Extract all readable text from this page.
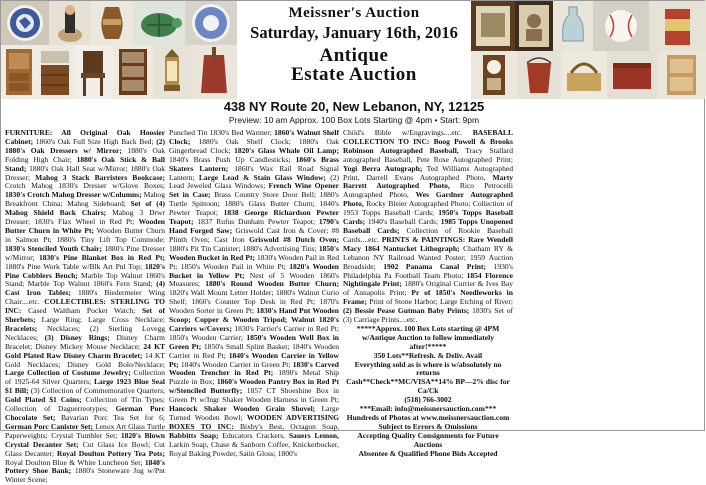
Meissner's Auction
Saturday, January 16th, 2016
Antique
Estate Auction
438 NY Route 20, New Lebanon, NY, 12125
Preview: 10 am Approx. 100 Box Lots Starting @ 4pm • Start: 9pm
FURNITURE: All Original Oak Hoosier Cabinet; 1860's Oak Full Size High Back Bed; (2) 1880's Oak Dressers w/ Mirror; 1880's Oak Folding High Chair; 1880's Oak Stick & Ball Stand; 1880's Oak Hall Seat w/Mirror; 1880's Oak Dresser; Mahog 3 Stack Barristers Bookcase; Crotch Mahog 1830's Dresser w/Glove Boxes; 1830's Crotch Mahog Dresser w/Columns; Mahog Breakfront China; Mahog Sideboard; Set of (4) Mahog Shield Back Chairs; Mahog 3 Drwr Dresser; 1830's Flax Wheel in Red Pt; Wooden Butter Churn in White Pt; Wooden Butter Churn in Salmon Pt; 1880's Tiny Lift Top Commode; 1830's Stenciled Youth Chair; 1880's Pine Dresser w/Mirror; 1830's Pine Blanket Box in Red Pt; 1880's Pine Work Table w/Blk Art Pnl Top; 1820's Pine Cobblers Bench; Marble Top Walnut 1860's Stand; Marble Top Walnut 1860's Fern Stand; (4) Cast Iron Tables; 1880's Biedermeier Wing Chair....etc. COLLECTIBLES: STERLING TO INC: Cased Waltham Pocket Watch; Set of Sherbets; Large Ring; Large Cross Necklace; Bracelets; Necklaces; (2) Sterling Lovegg Necklaces; (3) Disney Rings; Disney Charm Bracelet; Disney Mickey Mouse Necklace; 24 KT Gold Plated Raw Disney Charm Bracelet; 14 KT Gold Necklaces; Disney Gold Bolo/Necklace; Large Collection of Costume Jewelry; Collection of 1925-64 Silver Quarters; Large 1923 Blue Seal $1 Bill; (3) Collection of Commemorative Quarters; Gold Plated $1 Coins; Collection of Tin Types; Collection of Daguerreotypes; German Porc Chocolate Set; Bavarian Porc Tea Set for 6; German Porc Canister Set; Lenox Art Glass Turtle Paperweights; Crystal Tumbler Set; 1820's Blown Crystal Decanter Set; Cut Glass Ice Bowl; Cut Glass Decanter; Royal Doulton Pottery Tea Pots; Royal Doulton Blue & White Luncheon Set; 1840's Pottery Shoe Bank; 1880's Stoneware Jug w/Pnt Winter Scene;
Punched Tin 1830's Bed Warmer; 1860's Walnut Shelf Clock; 1880's Oak Shelf Clock; 1880's Oak Gingerbread Clock; 1820's Glass Whale Oil Lamp; 1840's Brass Push Up Candlesticks; 1860's Brass Skaters Lantern; 1860's Wax Rail Road Signal Lantern; Large Lead & Stain Glass Window; (2) Lead Jeweled Glass Windows; French Wine Opener Set in Case; Brass Country Store Door Bell; 1880's Turtle Spittoon; 1880's Glass Butter Churn; 1840's Pewter Teapot; 1838 George Richardson Pewter Teapot; 1837 Rufus Dunham Pewter Teapot; 1790's Hand Forged Saw; Griswold Cast Iron & Cover; #8 Plinth Oven; Cast Iron Griswold #8 Dutch Oven; 1880's Pit Tin Canister; 1880's Advertising Tins; 1850's Wooden Bucket in Red Pt; 1830's Wooden Pail in Red Pt; 1850's Wooden Pail in White Pt; 1820's Wooden Bucket in Yellow Pt; Nest of 5 Wooden 1860's Measures; 1880's Round Wooden Butter Churn; 1820's Wall Mount Letter Holder; 1880's Walnut Curio Shelf; 1860's Counter Top Desk in Red Pt; 1870's Wooden Sorter in Green Pt; 1830's Hand Pnt Wooden Scoop; Copper & Wooden Tripod; Walnut 1820's Carriers w/Covers; 1830's Farrier's Carrier in Red Pt; 1850's Wooden Carrier; 1850's Wooden Well Box in Green Pt; 1850's Small Splint Basket; 1840's Wooden Carrier in Red Pt; 1840's Wooden Carrier in Yellow Pt; 1840's Wooden Carrier in Green Pt; 1830's Carved Wooden Trencher in Red Pt; 1890's Metal Ship Puzzle in Box; 1860's Wooden Pantry Box in Red Pt w/Stenciled Butterfly; 1857 CT Shoeshine Box in Green Pt w/Ingr Shaker Wooden Harness in Green Pt; Hancock Shaker Wooden Grain Shovel; Large Turned Wooden Bowl; WOODEN ADVERTISING BOXES TO INC: Bixby's Best, Octagon Soap, Babbitts Soap; Educators Crackers, Sauers Lemon, Larkin Soap, Chase & Sanborn Coffee, Knickerbocker, Royal Baking Powder, Satin Gloss; 1800's
Child's Bible w/Engravings....etc. BASEBALL COLLECTION TO INC: Boog Powell & Brooks Robinson Autographed Baseball, Tracy Stallard autographed Baseball, Pete Rose Autographed Print; Yogi Berra Autograph; Ted Williams Autographed Print, Darrell Evans Autographed Photo, Marty Barrett Autographed Photo, Rico Petrocelli Autographed Photo, Wes Gardner Autographed Photo, Rocky Bleier Autographed Photo; Collection of 1953 Topps Baseball Cards; 1950's Topps Baseball Cards; 1940's Baseball Cards; 1985 Topps Unopened Baseball Cards; Collection of Rookie Baseball Cards....etc. PRINTS & PAINTINGS: Rare Wendell Macy 1864 Nantucket Lithograph; Chatham RY & Lebanon NY Railroad Wanted Poster; 1959 Auction Broadside; 1902 Panama Canal Print; 1930's Philadelphia Pa Football Team Photo; 1854 Florence Nightingale Print; 1880's Original Currier & Ives Bay of Annapolis Print; Pr of 1850's Needleworks in Frame; Print of Stone Harbor; Large Etching of River; (2) Bessie Pease Gutman Baby Prints; 1830's Set of (3) Carriage Prints....etc.
*****Approx. 100 Box Lots starting @ 4PM w/Antique Auction to follow immediately after!*****
350 Lots**Refresh. & Deliv. Avail
Everything sold as is where is w/absolutely no returns
Cash**Check**MC/VISA**14% BP—2% disc for Ca/Ck
(518) 766-3002
***Email: info@meissnersauction.com***
Hundreds of Photos at www.meissnersauction.com
Subject to Errors & Omissions
Accepting Quality Consignments for Future Auctions
Absentee & Qualified Phone Bids Accepted
